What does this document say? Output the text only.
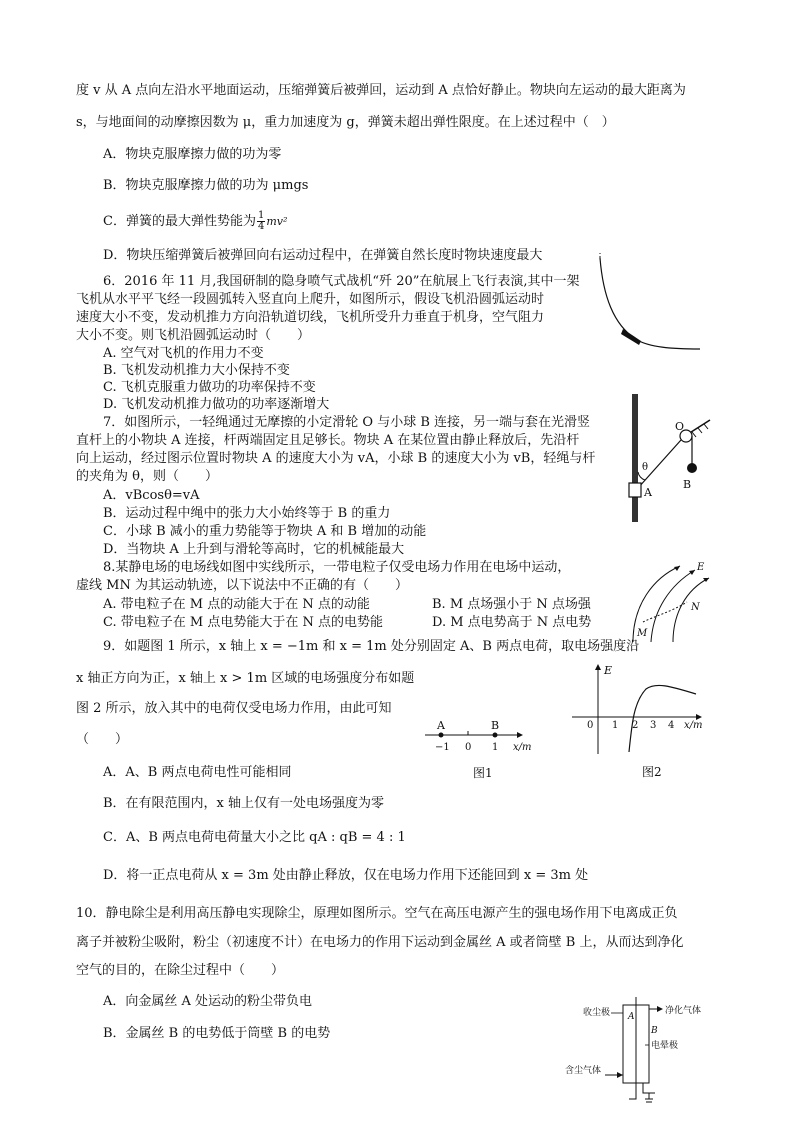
度 v 从 A 点向左沿水平地面运动，压缩弹簧后被弹回，运动到 A 点恰好静止。物块向左运动的最大距离为
s，与地面间的动摩擦因数为 μ，重力加速度为 g，弹簧未超出弹性限度。在上述过程中（　）
A．物块克服摩擦力做的功为零
B．物块克服摩擦力做的功为 μmgs
C．弹簧的最大弹性势能为 $\frac{1}{4} mv^2$
D．物块压缩弹簧后被弹回向右运动过程中，在弹簧自然长度时物块速度最大
6．2016 年 11 月,我国研制的隐身喷气式战机“歼 20”在航展上飞行表演,其中一架
飞机从水平平飞经一段圆弧转入竖直向上爬升，如图所示，假设飞机沿圆弧运动时
速度大小不变，发动机推力方向沿轨道切线，飞机所受升力垂直于机身，空气阻力
大小不变。则飞机沿圆弧运动时（　　）
A. 空气对飞机的作用力不变
B. 飞机发动机推力大小保持不变
C. 飞机克服重力做功的功率保持不变
D. 飞机发动机推力做功的功率逐渐增大
7．如图所示，一轻绳通过无摩擦的小定滑轮 O 与小球 B 连接，另一端与套在光滑竖
直杆上的小物块 A 连接，杆两端固定且足够长。物块 A 在某位置由静止释放后，先沿杆
向上运动，经过图示位置时物块 A 的速度大小为 vA，小球 B 的速度大小为 vB，轻绳与杆
的夹角为 θ，则（　　）
A．vBcosθ=vA
B．运动过程中绳中的张力大小始终等于 B 的重力
C．小球 B 减小的重力势能等于物块 A 和 B 增加的动能
D．当物块 A 上升到与滑轮等高时，它的机械能最大
O
θ
A
B
8.某静电场的电场线如图中实线所示，一带电粒子仅受电场力作用在电场中运动，
虚线 MN 为其运动轨迹，以下说法中不正确的有（　　）
A. 带电粒子在 M 点的动能大于在 N 点的动能	B. M 点场强小于 N 点场强
C. 带电粒子在 M 点电势能大于在 N 点的电势能	D. M 点电势高于 N 点电势
E
N
M
9．如题图 1 所示，x 轴上 x = −1m 和 x = 1m 处分别固定 A、B 两点电荷，取电场强度沿
x 轴正方向为正，x 轴上 x > 1m 区域的电场强度分布如题
图 2 所示，放入其中的电荷仅受电场力作用，由此可知
（　　）
A．A、B 两点电荷电性可能相同
B．在有限范围内，x 轴上仅有一处电场强度为零
C．A、B 两点电荷电荷量大小之比 qA : qB = 4 : 1
D．将一正点电荷从 x = 3m 处由静止释放，仅在电场力作用下还能回到 x = 3m 处
A	B
−1 0 1 x/m
图1
E
0 1 2 3 4 x/m
图2
10．静电除尘是利用高压静电实现除尘，原理如图所示。空气在高压电源产生的强电场作用下电离成正负
离子并被粉尘吸附，粉尘（初速度不计）在电场力的作用下运动到金属丝 A 或者筒壁 B 上，从而达到净化
空气的目的，在除尘过程中（　　）
A．向金属丝 A 处运动的粉尘带负电
B．金属丝 B 的电势低于筒壁 B 的电势
收尘极	净化气体
A
B
电晕极
含尘气体
